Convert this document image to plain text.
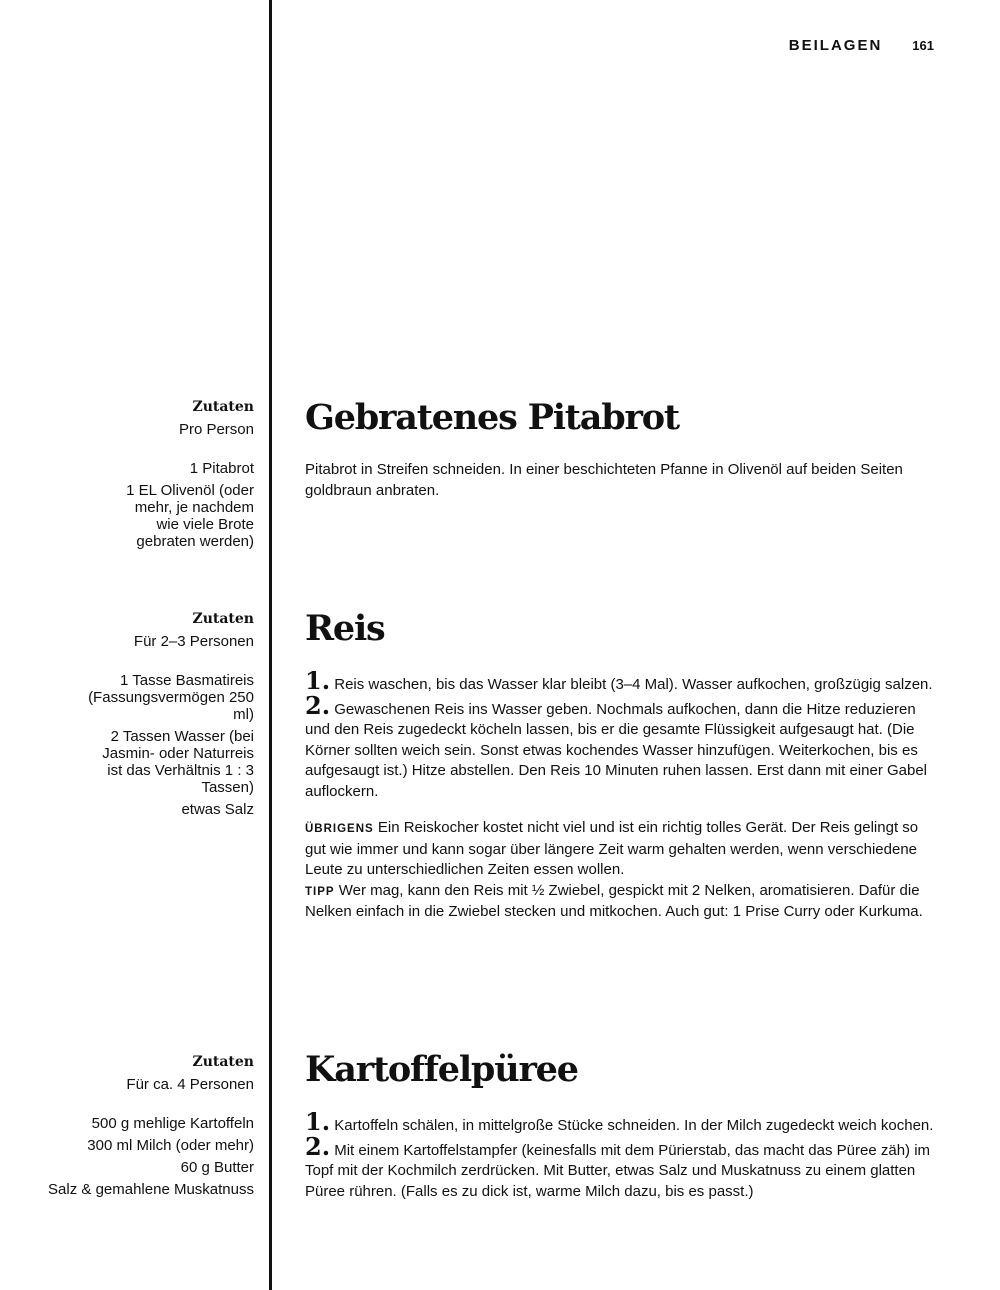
BEILAGEN 161
Zutaten
Pro Person
1 Pitabrot
1 EL Olivenöl (oder mehr, je nachdem wie viele Brote gebraten werden)
Gebratenes Pitabrot

Pitabrot in Streifen schneiden. In einer beschichteten Pfanne in Olivenöl auf beiden Seiten goldbraun anbraten.

Zutaten
Für 2–3 Personen
1 Tasse Basmatireis (Fassungsvermögen 250 ml)
2 Tassen Wasser (bei Jasmin- oder Naturreis ist das Verhältnis 1 : 3 Tassen)
etwas Salz
Reis

1. Reis waschen, bis das Wasser klar bleibt (3–4 Mal). Wasser aufkochen, großzügig salzen.

2. Gewaschenen Reis ins Wasser geben. Nochmals aufkochen, dann die Hitze reduzieren und den Reis zugedeckt köcheln lassen, bis er die gesamte Flüssigkeit aufgesaugt hat. (Die Körner sollten weich sein. Sonst etwas kochendes Wasser hinzufügen. Weiterkochen, bis es aufgesaugt ist.) Hitze abstellen. Den Reis 10 Minuten ruhen lassen. Erst dann mit einer Gabel auflockern.

ÜBRIGENS Ein Reiskocher kostet nicht viel und ist ein richtig tolles Gerät. Der Reis gelingt so gut wie immer und kann sogar über längere Zeit warm gehalten werden, wenn verschiedene Leute zu unterschiedlichen Zeiten essen wollen.

TIPP Wer mag, kann den Reis mit ½ Zwiebel, gespickt mit 2 Nelken, aromatisieren. Dafür die Nelken einfach in die Zwiebel stecken und mitkochen. Auch gut: 1 Prise Curry oder Kurkuma.

Zutaten
Für ca. 4 Personen
500 g mehlige Kartoffeln
300 ml Milch (oder mehr)
60 g Butter
Salz & gemahlene Muskatnuss
Kartoffelpüree

1. Kartoffeln schälen, in mittelgroße Stücke schneiden. In der Milch zugedeckt weich kochen.

2. Mit einem Kartoffelstampfer (keinesfalls mit dem Pürierstab, das macht das Püree zäh) im Topf mit der Kochmilch zerdrücken. Mit Butter, etwas Salz und Muskatnuss zu einem glatten Püree rühren. (Falls es zu dick ist, warme Milch dazu, bis es passt.)
